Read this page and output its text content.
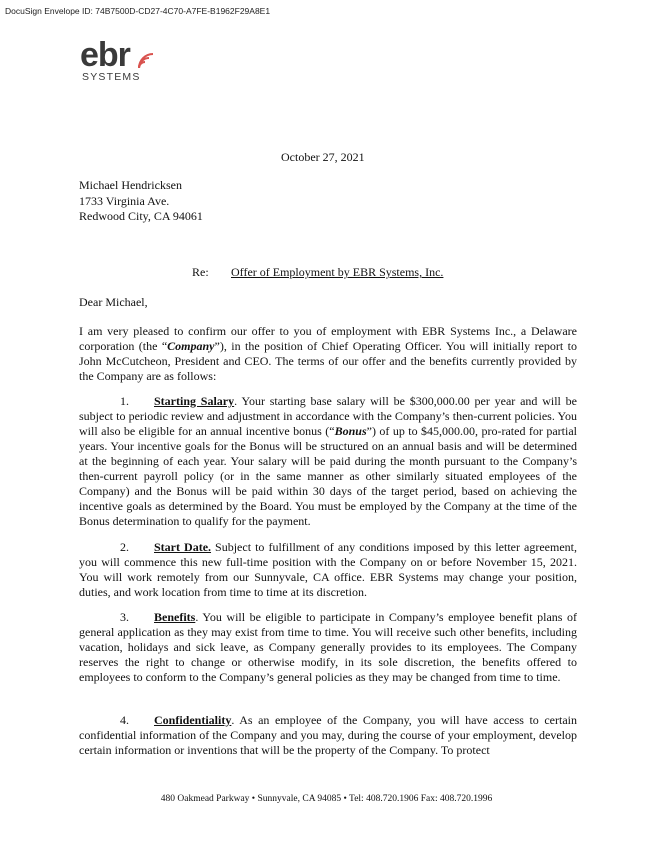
DocuSign Envelope ID: 74B7500D-CD27-4C70-A7FE-B1962F29A8E1
ebr
SYSTEMS
October 27, 2021
Michael Hendricksen
1733 Virginia Ave.
Redwood City, CA 94061
Re: Offer of Employment by EBR Systems, Inc.
Dear Michael,

I am very pleased to confirm our offer to you of employment with EBR Systems Inc., a Delaware corporation (the “Company”), in the position of Chief Operating Officer. You will initially report to John McCutcheon, President and CEO. The terms of our offer and the benefits currently provided by the Company are as follows:

1. Starting Salary. Your starting base salary will be $300,000.00 per year and will be subject to periodic review and adjustment in accordance with the Company’s then-current policies. You will also be eligible for an annual incentive bonus (“Bonus”) of up to $45,000.00, pro-rated for partial years. Your incentive goals for the Bonus will be structured on an annual basis and will be determined at the beginning of each year. Your salary will be paid during the month pursuant to the Company’s then-current payroll policy (or in the same manner as other similarly situated employees of the Company) and the Bonus will be paid within 30 days of the target period, based on achieving the incentive goals as determined by the Board. You must be employed by the Company at the time of the Bonus determination to qualify for the payment.

2. Start Date. Subject to fulfillment of any conditions imposed by this letter agreement, you will commence this new full-time position with the Company on or before November 15, 2021. You will work remotely from our Sunnyvale, CA office. EBR Systems may change your position, duties, and work location from time to time at its discretion.

3. Benefits. You will be eligible to participate in Company’s employee benefit plans of general application as they may exist from time to time. You will receive such other benefits, including vacation, holidays and sick leave, as Company generally provides to its employees. The Company reserves the right to change or otherwise modify, in its sole discretion, the benefits offered to employees to conform to the Company’s general policies as they may be changed from time to time.

4. Confidentiality. As an employee of the Company, you will have access to certain confidential information of the Company and you may, during the course of your employment, develop certain information or inventions that will be the property of the Company. To protect

480 Oakmead Parkway • Sunnyvale, CA 94085 • Tel: 408.720.1906 Fax: 408.720.1996
